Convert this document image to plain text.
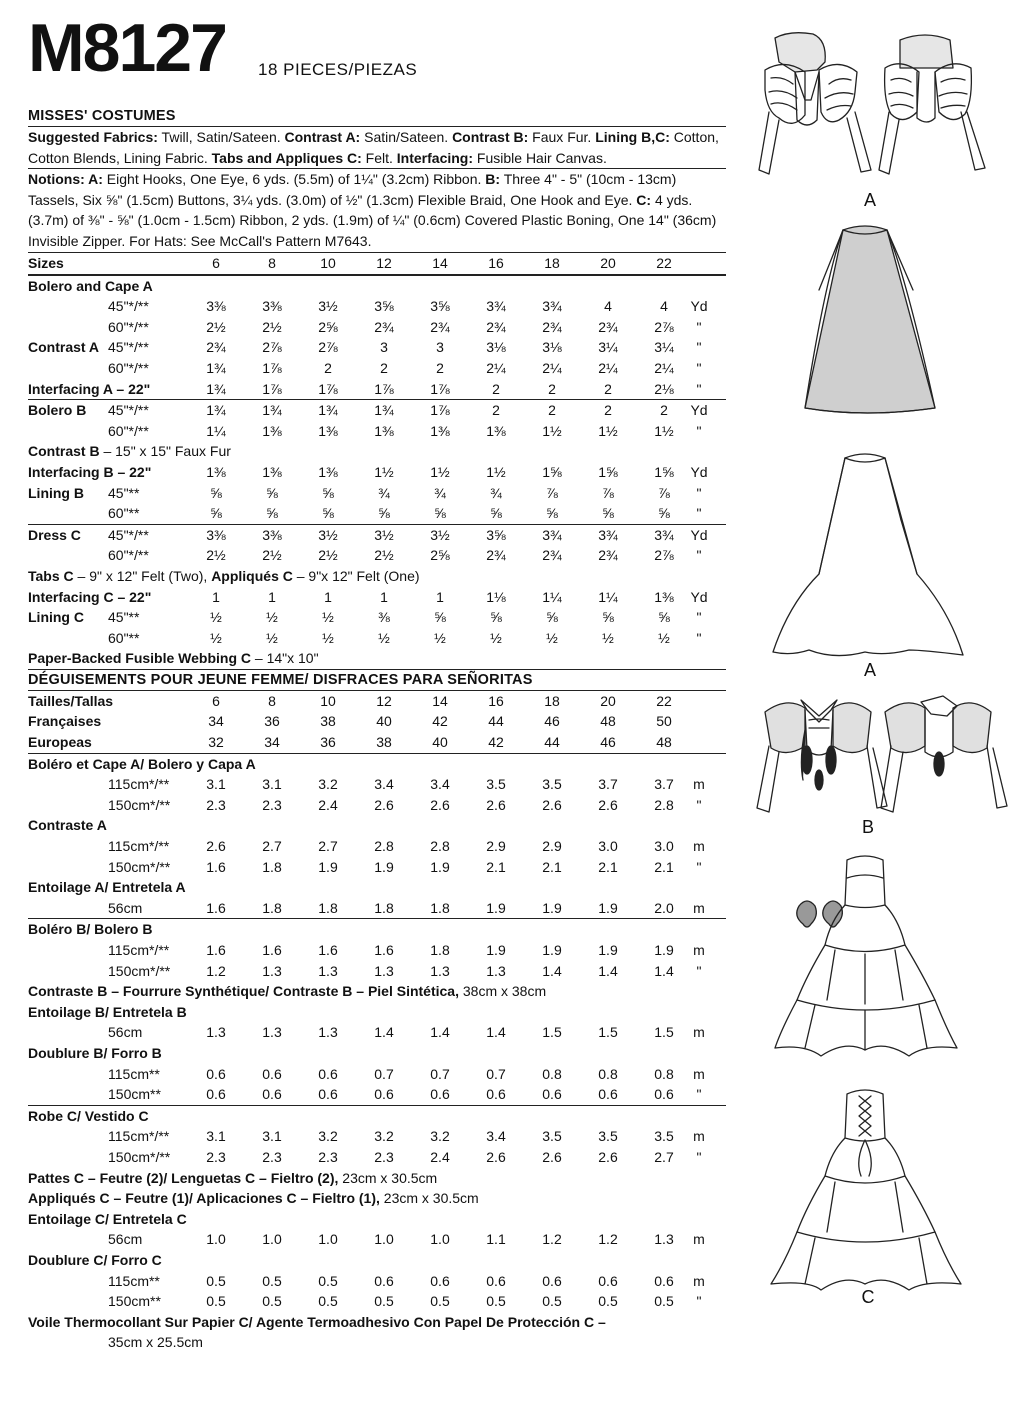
M8127 18 PIECES/PIEZAS
MISSES' COSTUMES
Suggested Fabrics: Twill, Satin/Sateen. Contrast A: Satin/Sateen. Contrast B: Faux Fur. Lining B,C: Cotton, Cotton Blends, Lining Fabric. Tabs and Appliques C: Felt. Interfacing: Fusible Hair Canvas.
Notions: A: Eight Hooks, One Eye, 6 yds. (5.5m) of 1¼" (3.2cm) Ribbon. B: Three 4" - 5" (10cm - 13cm) Tassels, Six ⅝" (1.5cm) Buttons, 3¼ yds. (3.0m) of ½" (1.3cm) Flexible Braid, One Hook and Eye. C: 4 yds. (3.7m) of ⅜" - ⅝" (1.0cm - 1.5cm) Ribbon, 2 yds. (1.9m) of ¼" (0.6cm) Covered Plastic Boning, One 14" (36cm) Invisible Zipper. For Hats: See McCall's Pattern M7643.
Sizes	6	8	10	12	14	16	18	20	22
Bolero and Cape A
45"*/**	3⅜	3⅜	3½	3⅝	3⅝	3¾	3¾	4	4	Yd
60"*/**	2½	2½	2⅝	2¾	2¾	2¾	2¾	2¾	2⅞	"
Contrast A 45"*/**	2¾	2⅞	2⅞	3	3	3⅛	3⅛	3¼	3¼	"
60"*/**	1¾	1⅞	2	2	2	2¼	2¼	2¼	2¼	"
Interfacing A – 22"	1¾	1⅞	1⅞	1⅞	1⅞	2	2	2	2⅛	"
Bolero B 45"*/**	1¾	1¾	1¾	1¾	1⅞	2	2	2	2	Yd
60"*/**	1¼	1⅜	1⅜	1⅜	1⅜	1⅜	1½	1½	1½	"
Contrast B – 15" x 15" Faux Fur
Interfacing B – 22"	1⅜	1⅜	1⅜	1½	1½	1½	1⅝	1⅝	1⅝	Yd
Lining B 45"**	⅝	⅝	⅝	¾	¾	¾	⅞	⅞	⅞	"
60"**	⅝	⅝	⅝	⅝	⅝	⅝	⅝	⅝	⅝	"
Dress C 45"*/**	3⅜	3⅜	3½	3½	3½	3⅝	3¾	3¾	3¾	Yd
60"*/**	2½	2½	2½	2½	2⅝	2¾	2¾	2¾	2⅞	"
Tabs C – 9" x 12" Felt (Two), Appliqués C – 9"x 12" Felt (One)
Interfacing C – 22"	1	1	1	1	1	1⅛	1¼	1¼	1⅜	Yd
Lining C 45"**	½	½	½	⅜	⅝	⅝	⅝	⅝	⅝	"
60"**	½	½	½	½	½	½	½	½	½	"
Paper-Backed Fusible Webbing C – 14"x 10"
DÉGUISEMENTS POUR JEUNE FEMME/ DISFRACES PARA SEÑORITAS
Tailles/Tallas	6	8	10	12	14	16	18	20	22
Françaises	34	36	38	40	42	44	46	48	50
Europeas	32	34	36	38	40	42	44	46	48
Boléro et Cape A/ Bolero y Capa A
115cm*/**	3.1	3.1	3.2	3.4	3.4	3.5	3.5	3.7	3.7	m
150cm*/**	2.3	2.3	2.4	2.6	2.6	2.6	2.6	2.6	2.8	"
Contraste A
115cm*/**	2.6	2.7	2.7	2.8	2.8	2.9	2.9	3.0	3.0	m
150cm*/**	1.6	1.8	1.9	1.9	1.9	2.1	2.1	2.1	2.1	"
Entoilage A/ Entretela A
56cm	1.6	1.8	1.8	1.8	1.8	1.9	1.9	1.9	2.0	m
Boléro B/ Bolero B
115cm*/**	1.6	1.6	1.6	1.6	1.8	1.9	1.9	1.9	1.9	m
150cm*/**	1.2	1.3	1.3	1.3	1.3	1.3	1.4	1.4	1.4	"
Contraste B – Fourrure Synthétique/ Contraste B – Piel Sintética, 38cm x 38cm
Entoilage B/ Entretela B
56cm	1.3	1.3	1.3	1.4	1.4	1.4	1.5	1.5	1.5	m
Doublure B/ Forro B
115cm**	0.6	0.6	0.6	0.7	0.7	0.7	0.8	0.8	0.8	m
150cm**	0.6	0.6	0.6	0.6	0.6	0.6	0.6	0.6	0.6	"
Robe C/ Vestido C
115cm*/**	3.1	3.1	3.2	3.2	3.2	3.4	3.5	3.5	3.5	m
150cm*/**	2.3	2.3	2.3	2.3	2.4	2.6	2.6	2.6	2.7	"
Pattes C – Feutre (2)/ Lenguetas C – Fieltro (2), 23cm x 30.5cm
Appliqués C – Feutre (1)/ Aplicaciones C – Fieltro (1), 23cm x 30.5cm
Entoilage C/ Entretela C
56cm	1.0	1.0	1.0	1.0	1.0	1.1	1.2	1.2	1.3	m
Doublure C/ Forro C
115cm**	0.5	0.5	0.5	0.6	0.6	0.6	0.6	0.6	0.6	m
150cm**	0.5	0.5	0.5	0.5	0.5	0.5	0.5	0.5	0.5	"
Voile Thermocollant Sur Papier C/ Agente Termoadhesivo Con Papel De Protección C –
35cm x 25.5cm
A
A
B
C
